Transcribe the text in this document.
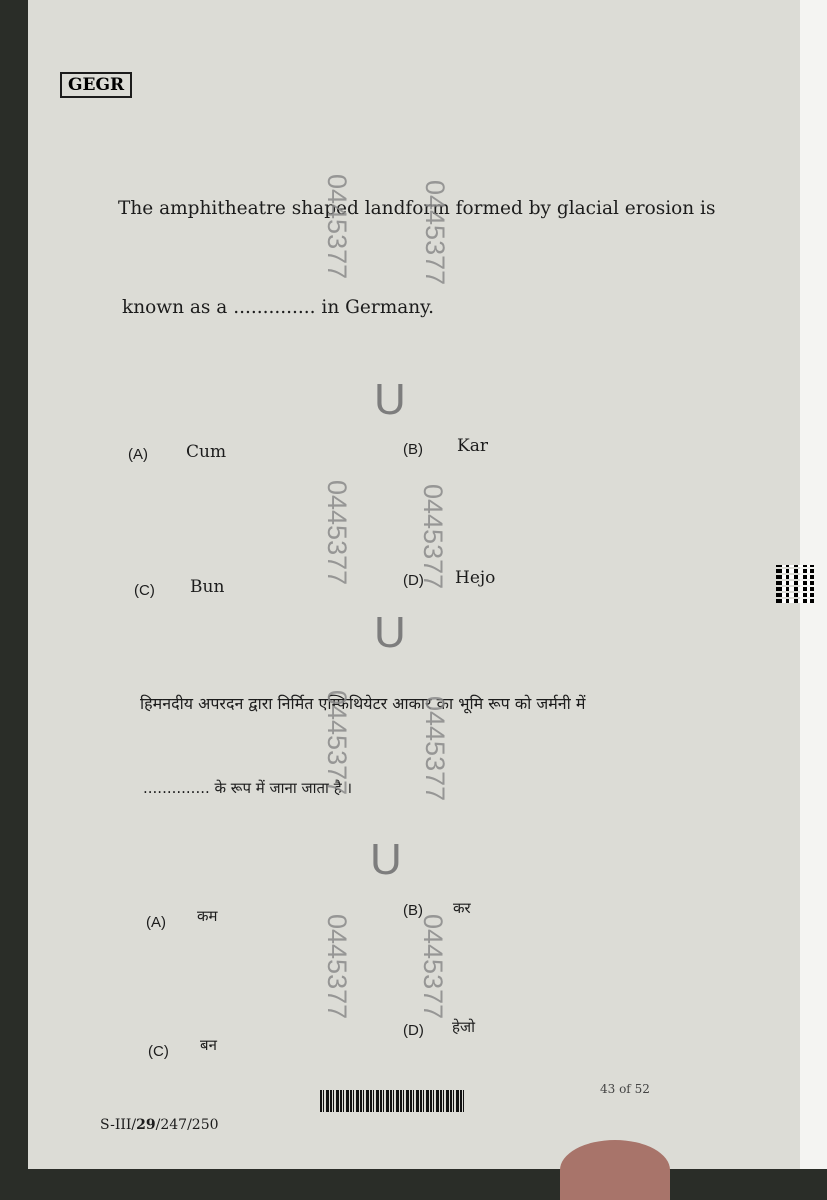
GEGR
The amphitheatre shaped landform formed by glacial erosion is
known as a .............. in Germany.
(A) Cum	(B) Kar
(C) Bun	(D) Hejo
हिमनदीय अपरदन द्वारा निर्मित एम्फिथियेटर आकार का भूमि रूप को जर्मनी में
.............. के रूप में जाना जाता है ।
(A) कम	(B) कर
(C) बन
(D) हेजो
0445377	0445377
0445377 0445377
0445377	0445377
0445377 0445377
U
U
U
S-III/29/247/250
43 of 52
